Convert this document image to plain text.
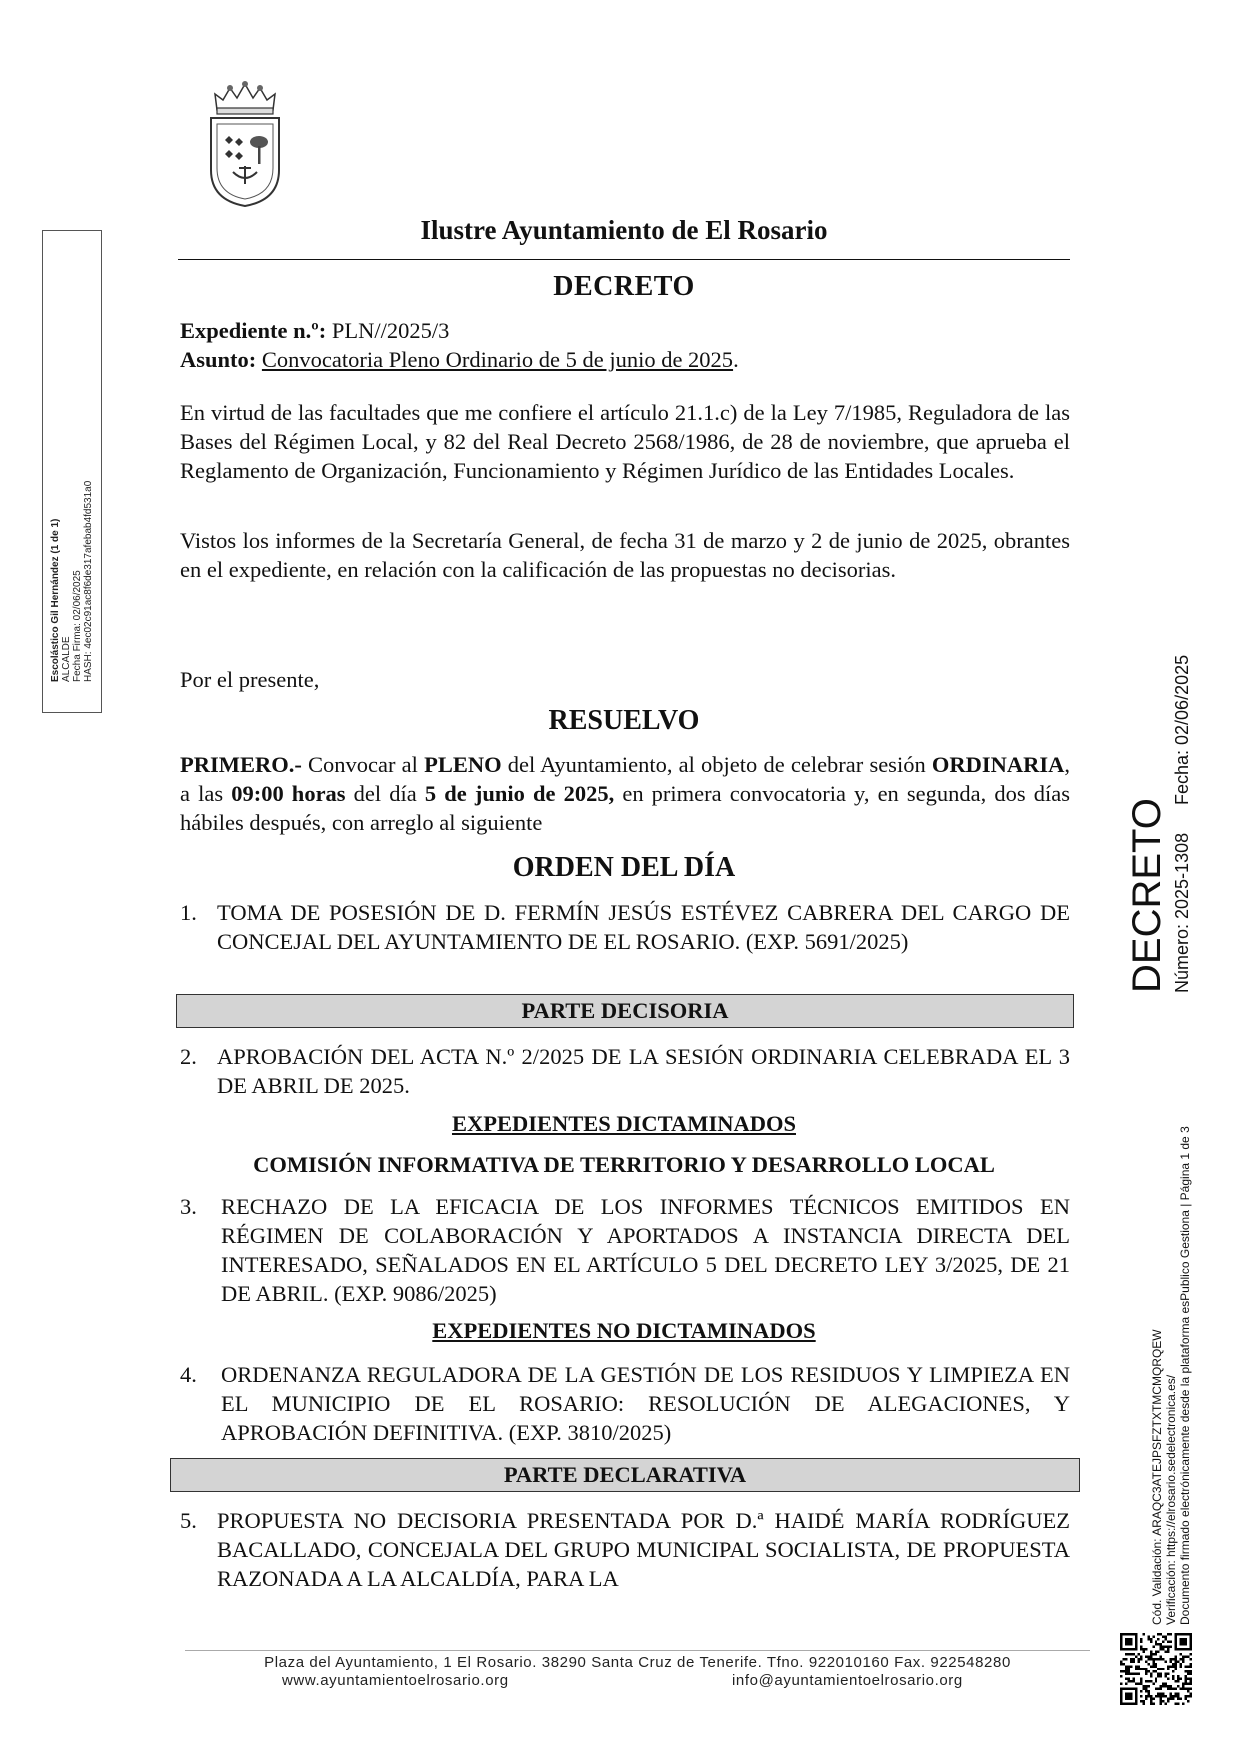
Ilustre Ayuntamiento de El Rosario
DECRETO
Expediente n.º: PLN//2025/3
Asunto: Convocatoria Pleno Ordinario de 5 de junio de 2025.
En virtud de las facultades que me confiere el artículo 21.1.c) de la Ley 7/1985, Reguladora de las Bases del Régimen Local, y 82 del Real Decreto 2568/1986, de 28 de noviembre, que aprueba el Reglamento de Organización, Funcionamiento y Régimen Jurídico de las Entidades Locales.
Vistos los informes de la Secretaría General, de fecha 31 de marzo y 2 de junio de 2025, obrantes en el expediente, en relación con la calificación de las propuestas no decisorias.
Por el presente,
RESUELVO
PRIMERO.- Convocar al PLENO del Ayuntamiento, al objeto de celebrar sesión ORDINARIA, a las 09:00 horas del día 5 de junio de 2025, en primera convocatoria y, en segunda, dos días hábiles después, con arreglo al siguiente
ORDEN DEL DÍA
1. TOMA DE POSESIÓN DE D. FERMÍN JESÚS ESTÉVEZ CABRERA DEL CARGO DE CONCEJAL DEL AYUNTAMIENTO DE EL ROSARIO. (EXP. 5691/2025)
PARTE DECISORIA
2. APROBACIÓN DEL ACTA N.º 2/2025 DE LA SESIÓN ORDINARIA CELEBRADA EL 3 DE ABRIL DE 2025.
EXPEDIENTES DICTAMINADOS
COMISIÓN INFORMATIVA DE TERRITORIO Y DESARROLLO LOCAL
3.	RECHAZO DE LA EFICACIA DE LOS INFORMES TÉCNICOS EMITIDOS EN RÉGIMEN DE COLABORACIÓN Y APORTADOS A INSTANCIA DIRECTA DEL INTERESADO, SEÑALADOS EN EL ARTÍCULO 5 DEL DECRETO LEY 3/2025, DE 21 DE ABRIL. (EXP. 9086/2025)
EXPEDIENTES NO DICTAMINADOS
4.	ORDENANZA REGULADORA DE LA GESTIÓN DE LOS RESIDUOS Y LIMPIEZA EN EL MUNICIPIO DE EL ROSARIO: RESOLUCIÓN DE ALEGACIONES, Y APROBACIÓN DEFINITIVA. (EXP. 3810/2025)
PARTE DECLARATIVA
5. PROPUESTA NO DECISORIA PRESENTADA POR D.ª HAIDÉ MARÍA RODRÍGUEZ BACALLADO, CONCEJALA DEL GRUPO MUNICIPAL SOCIALISTA, DE PROPUESTA RAZONADA A LA ALCALDÍA, PARA LA
Escolástico Gil Hernández (1 de 1) ALCALDE Fecha Firma: 02/06/2025 HASH: 4ec02c91ac8f6de317afebab4fd531a0
DECRETO Número: 2025-1308
Fecha: 02/06/2025
Cód. Validación: ARAQC3ATEJPSFZTXTMCMQRQEW Verificación: https://elrosario.sedelectronica.es/ Documento firmado electrónicamente desde la plataforma esPublico Gestiona | Página 1 de 3
Plaza del Ayuntamiento, 1 El Rosario. 38290 Santa Cruz de Tenerife. Tfno. 922010160 Fax. 922548280
www.ayuntamientoelrosario.org	info@ayuntamientoelrosario.org
